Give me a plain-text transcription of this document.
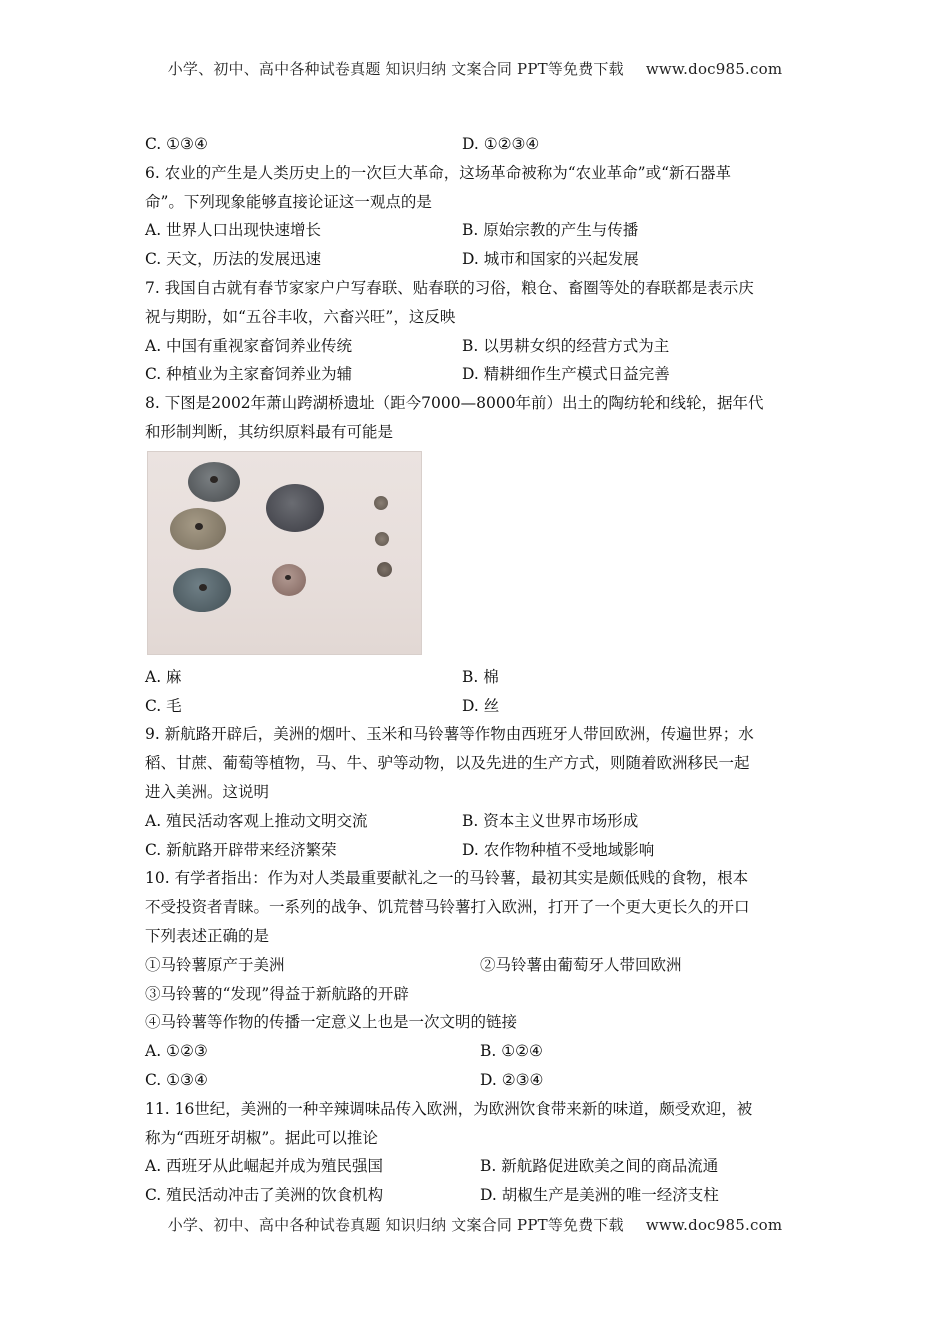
小学、初中、高中各种试卷真题 知识归纳 文案合同 PPT等免费下载 www.doc985.com
C. ①③④	D. ①②③④
6. 农业的产生是人类历史上的一次巨大革命，这场革命被称为“农业革命”或“新石器革
命”。下列现象能够直接论证这一观点的是
A. 世界人口出现快速增长	B. 原始宗教的产生与传播
C. 天文，历法的发展迅速	D. 城市和国家的兴起发展
7. 我国自古就有春节家家户户写春联、贴春联的习俗，粮仓、畜圈等处的春联都是表示庆
祝与期盼，如“五谷丰收，六畜兴旺”，这反映
A. 中国有重视家畜饲养业传统	B. 以男耕女织的经营方式为主
C. 种植业为主家畜饲养业为辅	D. 精耕细作生产模式日益完善
8. 下图是2002年萧山跨湖桥遗址（距今7000—8000年前）出土的陶纺轮和线轮，据年代
和形制判断，其纺织原料最有可能是
A. 麻	B. 棉
C. 毛	D. 丝
9. 新航路开辟后，美洲的烟叶、玉米和马铃薯等作物由西班牙人带回欧洲，传遍世界；水
稻、甘蔗、葡萄等植物，马、牛、驴等动物，以及先进的生产方式，则随着欧洲移民一起
进入美洲。这说明
A. 殖民活动客观上推动文明交流	B. 资本主义世界市场形成
C. 新航路开辟带来经济繁荣	D. 农作物种植不受地域影响
10. 有学者指出：作为对人类最重要献礼之一的马铃薯，最初其实是颇低贱的食物，根本
不受投资者青睐。一系列的战争、饥荒替马铃薯打入欧洲，打开了一个更大更长久的开口
下列表述正确的是
①马铃薯原产于美洲	②马铃薯由葡萄牙人带回欧洲
③马铃薯的“发现”得益于新航路的开辟
④马铃薯等作物的传播一定意义上也是一次文明的链接
A. ①②③	B. ①②④
C. ①③④	D. ②③④
11. 16世纪，美洲的一种辛辣调味品传入欧洲，为欧洲饮食带来新的味道，颇受欢迎，被
称为“西班牙胡椒”。据此可以推论
A. 西班牙从此崛起并成为殖民强国	B. 新航路促进欧美之间的商品流通
C. 殖民活动冲击了美洲的饮食机构	D. 胡椒生产是美洲的唯一经济支柱
小学、初中、高中各种试卷真题 知识归纳 文案合同 PPT等免费下载 www.doc985.com
